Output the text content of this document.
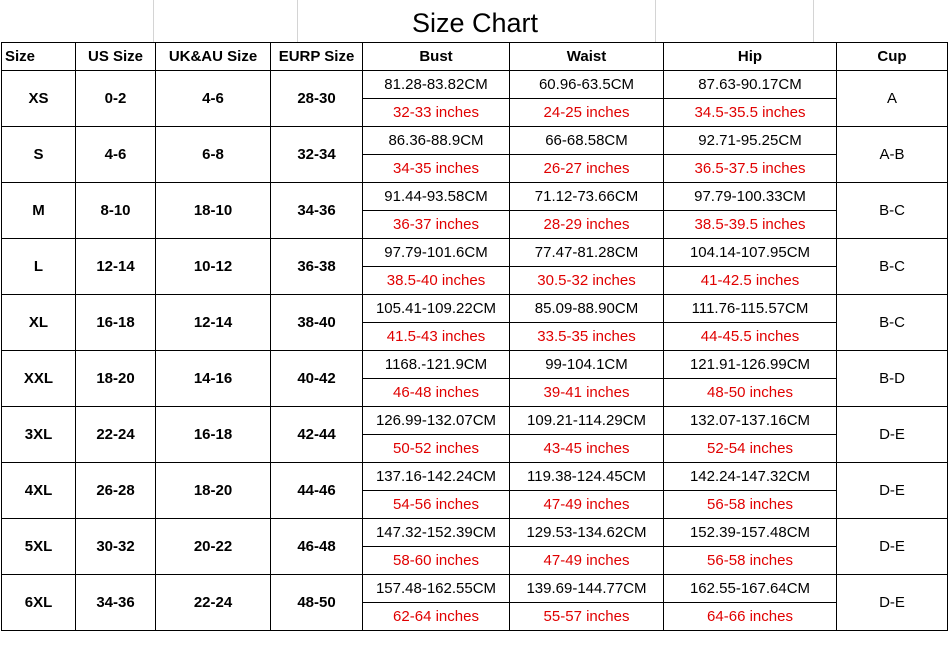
Size Chart
Size	US Size	UK&AU Size	EURP Size	Bust	Waist	Hip	Cup
XS	0-2	4-6	28-30	81.28-83.82CM	60.96-63.5CM	87.63-90.17CM	A
				32-33 inches	24-25 inches	34.5-35.5 inches	
S	4-6	6-8	32-34	86.36-88.9CM	66-68.58CM	92.71-95.25CM	A-B
				34-35 inches	26-27 inches	36.5-37.5 inches	
M	8-10	18-10	34-36	91.44-93.58CM	71.12-73.66CM	97.79-100.33CM	B-C
				36-37 inches	28-29 inches	38.5-39.5 inches	
L	12-14	10-12	36-38	97.79-101.6CM	77.47-81.28CM	104.14-107.95CM	B-C
				38.5-40 inches	30.5-32 inches	41-42.5 inches	
XL	16-18	12-14	38-40	105.41-109.22CM	85.09-88.90CM	111.76-115.57CM	B-C
				41.5-43 inches	33.5-35 inches	44-45.5 inches	
XXL	18-20	14-16	40-42	1168.-121.9CM	99-104.1CM	121.91-126.99CM	B-D
				46-48 inches	39-41 inches	48-50 inches	
3XL	22-24	16-18	42-44	126.99-132.07CM	109.21-114.29CM	132.07-137.16CM	D-E
				50-52 inches	43-45 inches	52-54 inches	
4XL	26-28	18-20	44-46	137.16-142.24CM	119.38-124.45CM	142.24-147.32CM	D-E
				54-56 inches	47-49 inches	56-58 inches	
5XL	30-32	20-22	46-48	147.32-152.39CM	129.53-134.62CM	152.39-157.48CM	D-E
				58-60 inches	47-49 inches	56-58 inches	
6XL	34-36	22-24	48-50	157.48-162.55CM	139.69-144.77CM	162.55-167.64CM	D-E
				62-64 inches	55-57 inches	64-66 inches	
